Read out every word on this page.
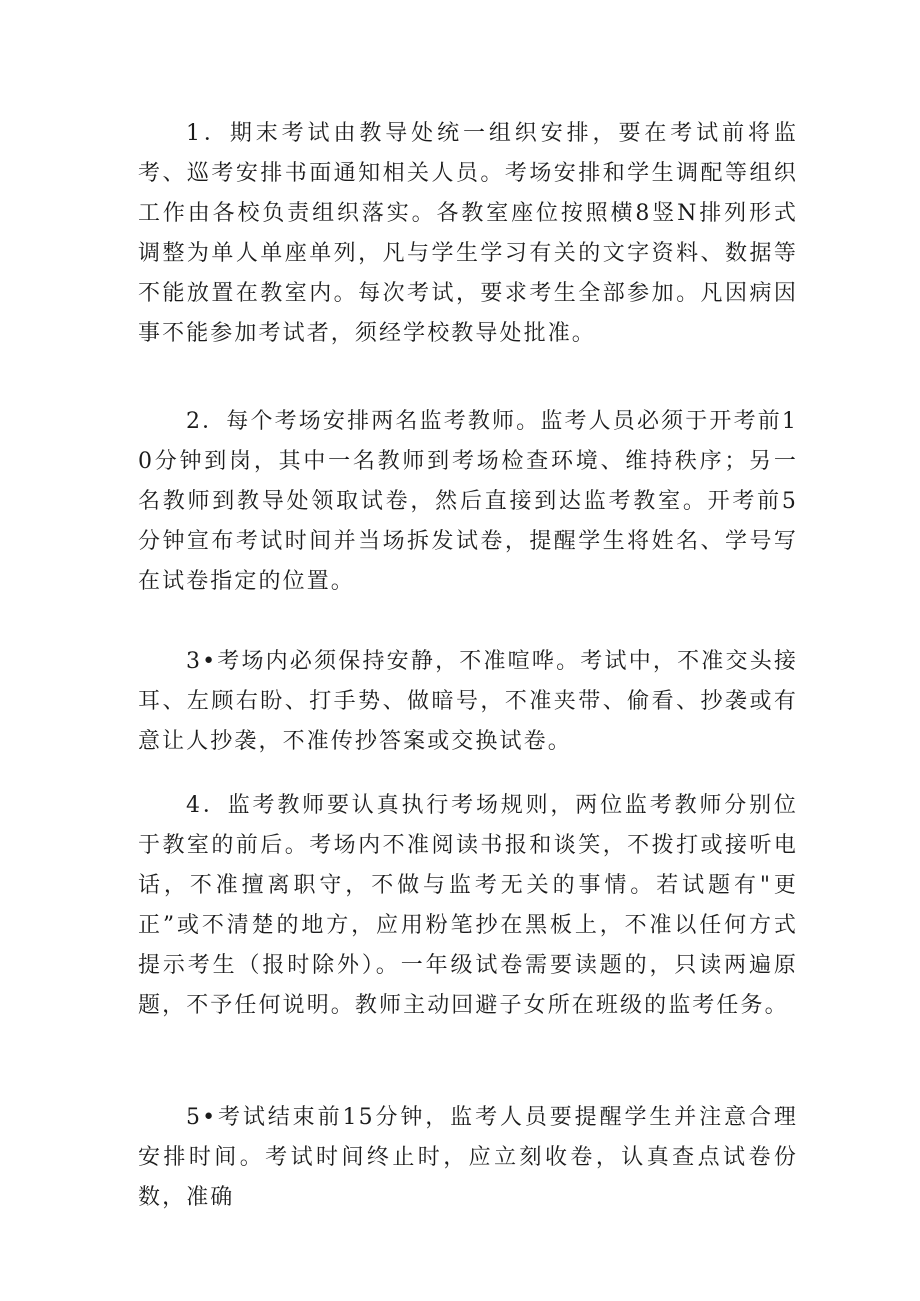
1．期末考试由教导处统一组织安排，要在考试前将监考、巡考安排书面通知相关人员。考场安排和学生调配等组织工作由各校负责组织落实。各教室座位按照横8竖N排列形式调整为单人单座单列，凡与学生学习有关的文字资料、数据等不能放置在教室内。每次考试，要求考生全部参加。凡因病因事不能参加考试者，须经学校教导处批准。

2．每个考场安排两名监考教师。监考人员必须于开考前10分钟到岗，其中一名教师到考场检查环境、维持秩序；另一名教师到教导处领取试卷，然后直接到达监考教室。开考前5分钟宣布考试时间并当场拆发试卷，提醒学生将姓名、学号写在试卷指定的位置。

3•考场内必须保持安静，不准喧哗。考试中，不准交头接耳、左顾右盼、打手势、做暗号，不准夹带、偷看、抄袭或有意让人抄袭，不准传抄答案或交换试卷。

4．监考教师要认真执行考场规则，两位监考教师分别位于教室的前后。考场内不准阅读书报和谈笑，不拨打或接听电话，不准擅离职守，不做与监考无关的事情。若试题有"更正”或不清楚的地方，应用粉笔抄在黑板上，不准以任何方式提示考生（报时除外）。一年级试卷需要读题的，只读两遍原题，不予任何说明。教师主动回避子女所在班级的监考任务。

5•考试结束前15分钟，监考人员要提醒学生并注意合理安排时间。考试时间终止时，应立刻收卷，认真查点试卷份数，准确
